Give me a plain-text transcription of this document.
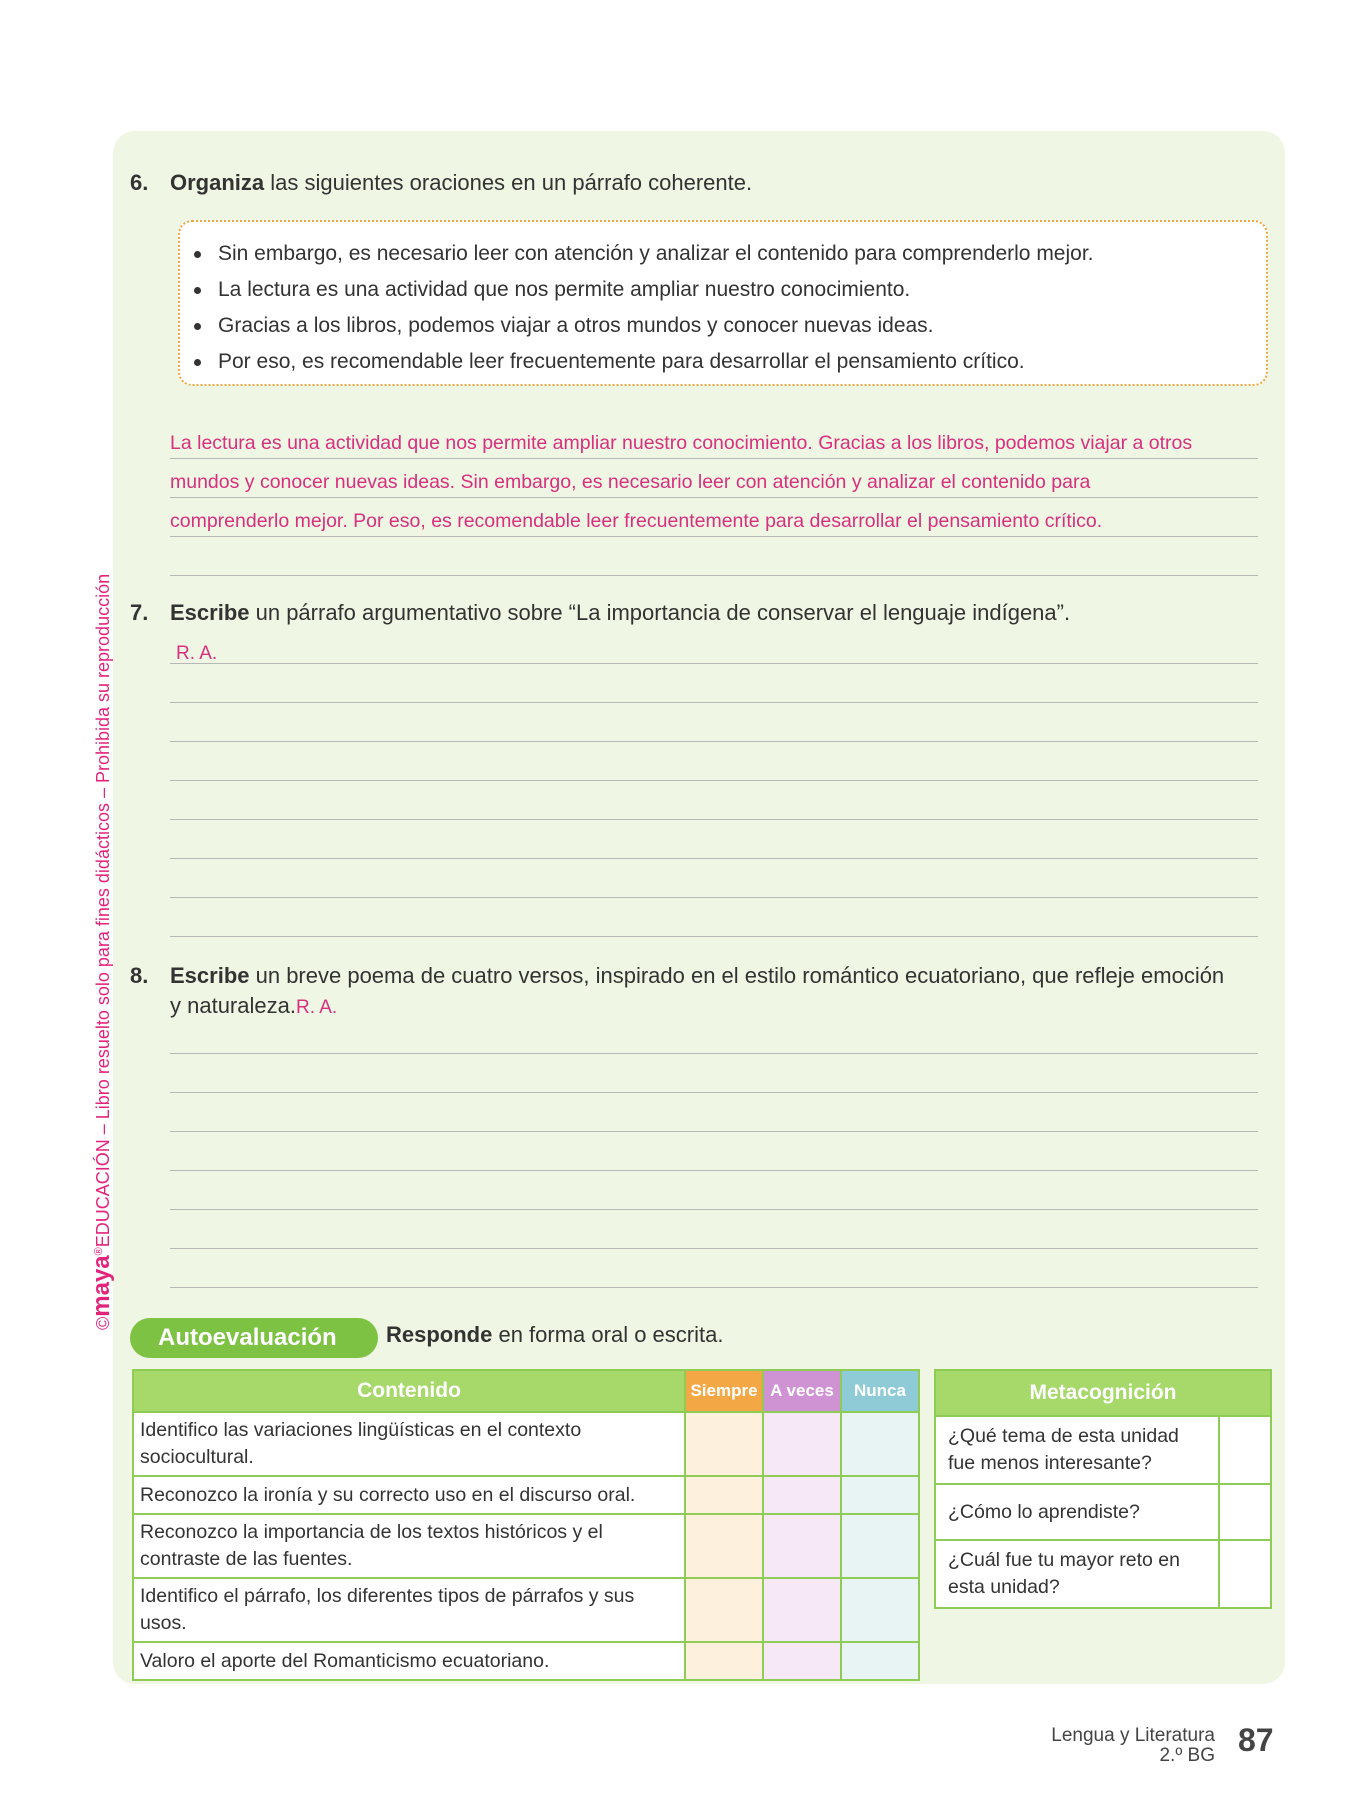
©maya®EDUCACIÓN – Libro resuelto solo para fines didácticos – Prohibida su reproducción
6. Organiza las siguientes oraciones en un párrafo coherente.
Sin embargo, es necesario leer con atención y analizar el contenido para comprenderlo mejor.
La lectura es una actividad que nos permite ampliar nuestro conocimiento.
Gracias a los libros, podemos viajar a otros mundos y conocer nuevas ideas.
Por eso, es recomendable leer frecuentemente para desarrollar el pensamiento crítico.
La lectura es una actividad que nos permite ampliar nuestro conocimiento. Gracias a los libros, podemos viajar a otros
mundos y conocer nuevas ideas. Sin embargo, es necesario leer con atención y analizar el contenido para
comprenderlo mejor. Por eso, es recomendable leer frecuentemente para desarrollar el pensamiento crítico.
7. Escribe un párrafo argumentativo sobre “La importancia de conservar el lenguaje indígena”.
R. A.
8. Escribe un breve poema de cuatro versos, inspirado en el estilo romántico ecuatoriano, que refleje emoción
y naturaleza.R. A.
Autoevaluación	Responde en forma oral o escrita.
Contenido	Siempre	A veces	Nunca
Identifico las variaciones lingüísticas en el contexto sociocultural.			
Reconozco la ironía y su correcto uso en el discurso oral.			
Reconozco la importancia de los textos históricos y el contraste de las fuentes.			
Identifico el párrafo, los diferentes tipos de párrafos y sus usos.			
Valoro el aporte del Romanticismo ecuatoriano.			
Metacognición	
¿Qué tema de esta unidad fue menos interesante?	
¿Cómo lo aprendiste?	
¿Cuál fue tu mayor reto en esta unidad?	
Lengua y Literatura
2.º BG 87
